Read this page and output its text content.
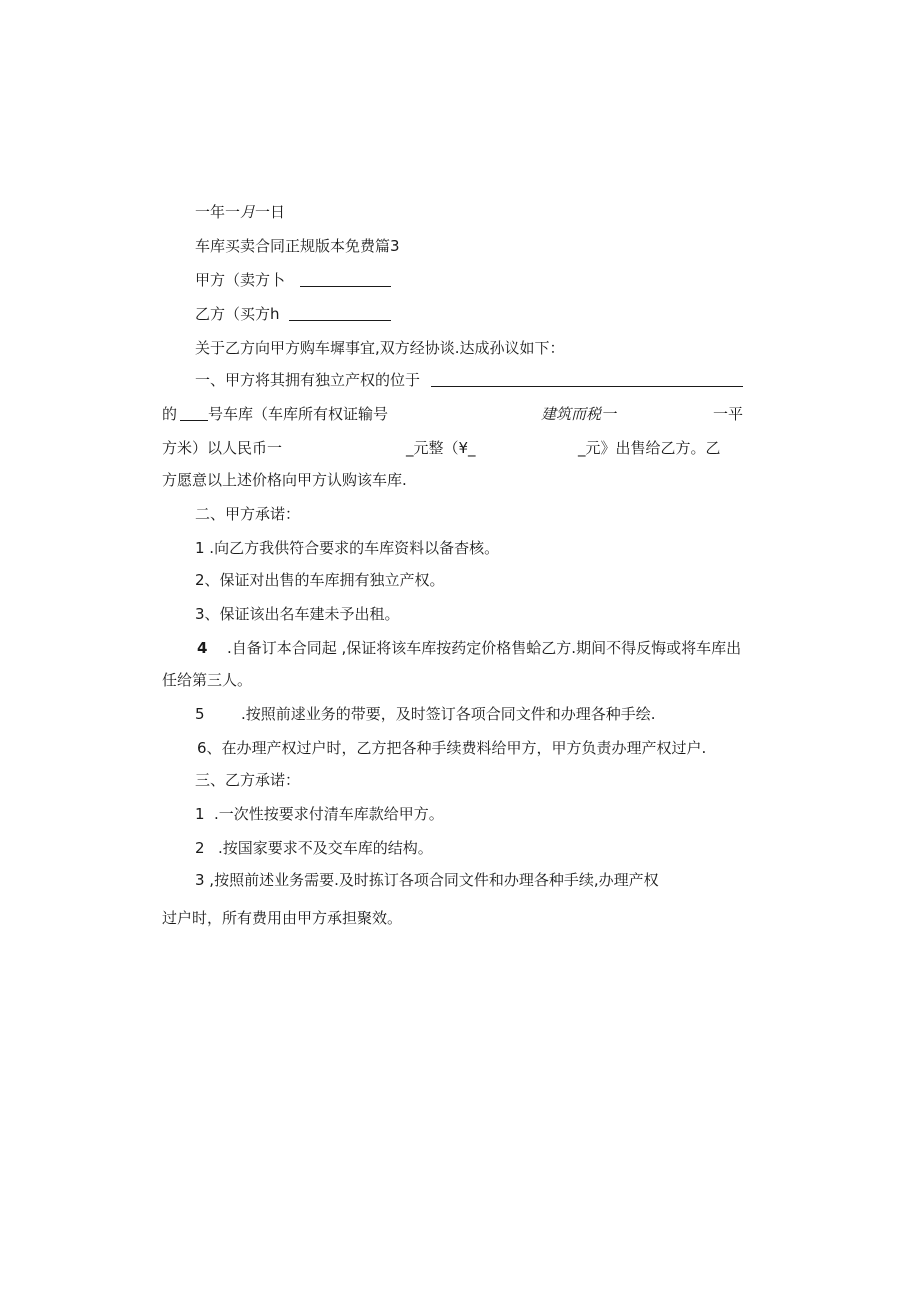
一年一月一日
车库买卖合同正规版本免费篇3
甲方（卖方卜
乙方（买方h
关于乙方向甲方购车墀事宜,双方经协谈.达成孙议如下：
一、甲方将其拥有独立产权的位于
的 号车库（车库所有权证输号	建筑而税一	一平
方米）以人民币一	_元整（¥_	_元》出售给乙方。乙
方愿意以上述价格向甲方认购该车库.
二、甲方承诺：
1 .向乙方我供符合要求的车库资料以备杳核。
2、保证对出售的车库拥有独立产权。
3、保证该出名车建未予出租。
4 .自备订本合同起 ,保证将该车库按药定价格售蛤乙方.期间不得反悔或将车库出
任给第三人。
5 .按照前逑业务的带要，及时签订各项合同文件和办理各种手绘.
6、在办理产权过户时，乙方把各种手续费料给甲方，甲方负责办理产权过户.
三、乙方承诺：
1 .一次性按要求付清车库款给甲方。
2 .按国家要求不及交车库的结构。
3 ,按照前述业务需要.及时拣订各项合同文件和办理各种手续,办理产权
过户时，所有费用由甲方承担聚效。
